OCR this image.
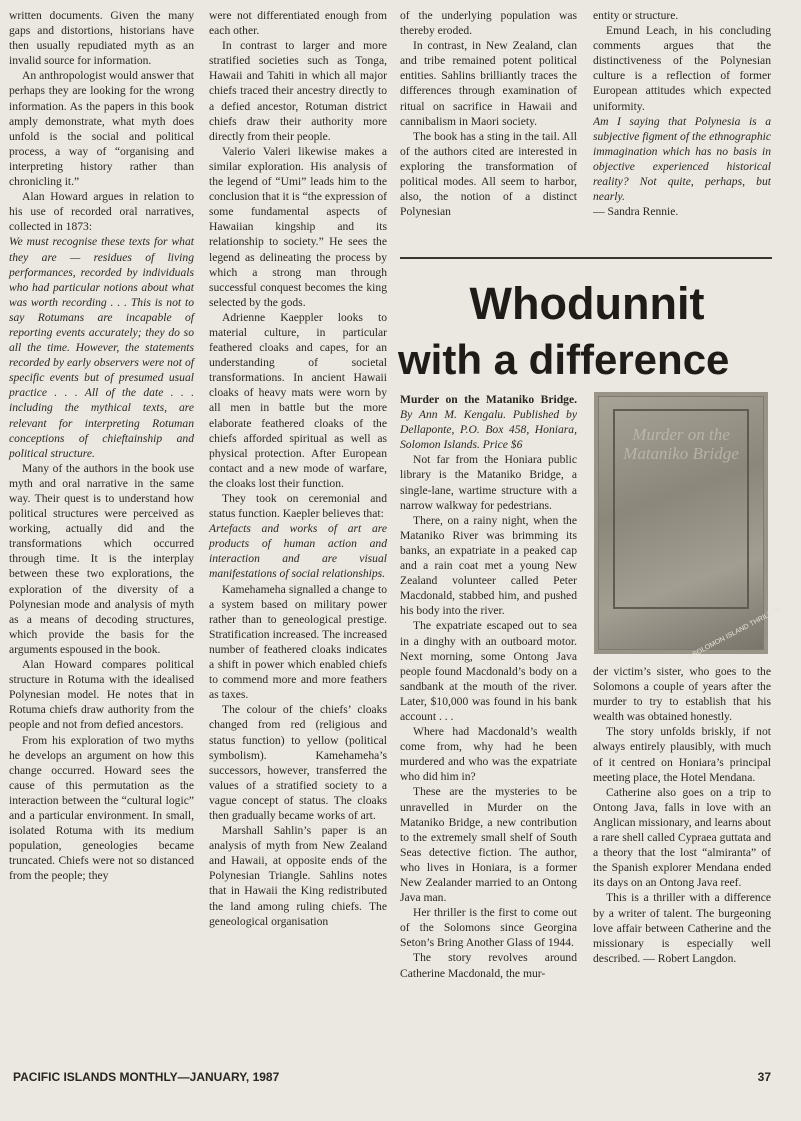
written documents. Given the many gaps and distortions, historians have then usually repudiated myth as an invalid source for information.

An anthropologist would answer that perhaps they are looking for the wrong information. As the papers in this book amply demonstrate, what myth does unfold is the social and political process, a way of “organising and interpreting history rather than chronicling it.”

Alan Howard argues in relation to his use of recorded oral narratives, collected in 1873:

We must recognise these texts for what they are — residues of living performances, recorded by individuals who had particular notions about what was worth recording . . . This is not to say Rotumans are incapable of reporting events accurately; they do so all the time. However, the statements recorded by early observers were not of specific events but of presumed usual practice . . . All of the date . . . including the mythical texts, are relevant for interpreting Rotuman conceptions of chieftainship and political structure.

Many of the authors in the book use myth and oral narrative in the same way. Their quest is to understand how political structures were perceived as working, actually did and the transformations which occurred through time. It is the interplay between these two explorations, the exploration of the diversity of a Polynesian mode and analysis of myth as a means of decoding structures, which provide the basis for the arguments espoused in the book.

Alan Howard compares political structure in Rotuma with the idealised Polynesian model. He notes that in Rotuma chiefs draw authority from the people and not from defied ancestors.

From his exploration of two myths he develops an argument on how this change occurred. Howard sees the cause of this permutation as the interaction between the “cultural logic” and a particular environment. In small, isolated Rotuma with its medium population, geneologies became truncated. Chiefs were not so distanced from the people; they

were not differentiated enough from each other.

In contrast to larger and more stratified societies such as Tonga, Hawaii and Tahiti in which all major chiefs traced their ancestry directly to a defied ancestor, Rotuman district chiefs draw their authority more directly from their people.

Valerio Valeri likewise makes a similar exploration. His analysis of the legend of “Umi” leads him to the conclusion that it is “the expression of some fundamental aspects of Hawaiian kingship and its relationship to society.” He sees the legend as delineating the process by which a strong man through successful conquest becomes the king selected by the gods.

Adrienne Kaeppler looks to material culture, in particular feathered cloaks and capes, for an understanding of societal transformations. In ancient Hawaii cloaks of heavy mats were worn by all men in battle but the more elaborate feathered cloaks of the chiefs afforded spiritual as well as physical protection. After European contact and a new mode of warfare, the cloaks lost their function.

They took on ceremonial and status function. Kaepler believes that:

Artefacts and works of art are products of human action and interaction and are visual manifestations of social relationships.

Kamehameha signalled a change to a system based on military power rather than to geneological prestige. Stratification increased. The increased number of feathered cloaks indicates a shift in power which enabled chiefs to commend more and more feathers as taxes.

The colour of the chiefs’ cloaks changed from red (religious and status function) to yellow (political symbolism). Kamehameha’s successors, however, transferred the values of a stratified society to a vague concept of status. The cloaks then gradually became works of art.

Marshall Sahlin’s paper is an analysis of myth from New Zealand and Hawaii, at opposite ends of the Polynesian Triangle. Sahlins notes that in Hawaii the King redistributed the land among ruling chiefs. The geneological organisation

of the underlying population was thereby eroded.

In contrast, in New Zealand, clan and tribe remained potent political entities. Sahlins brilliantly traces the differences through examination of ritual on sacrifice in Hawaii and cannibalism in Maori society.

The book has a sting in the tail. All of the authors cited are interested in exploring the transformation of political modes. All seem to harbor, also, the notion of a distinct Polynesian

entity or structure.

Emund Leach, in his concluding comments argues that the distinctiveness of the Polynesian culture is a reflection of former European attitudes which expected uniformity.

Am I saying that Polynesia is a subjective figment of the ethnographic immagination which has no basis in objective experienced historical reality? Not quite, perhaps, but nearly.

— Sandra Rennie.

Whodunnit
with a difference

Murder on the Mataniko Bridge. By Ann M. Kengalu. Published by Dellaponte, P.O. Box 458, Honiara, Solomon Islands. Price $6

Not far from the Honiara public library is the Mataniko Bridge, a single-lane, wartime structure with a narrow walkway for pedestrians.

There, on a rainy night, when the Mataniko River was brimming its banks, an expatriate in a peaked cap and a rain coat met a young New Zealand volunteer called Peter Macdonald, stabbed him, and pushed his body into the river.

The expatriate escaped out to sea in a dinghy with an outboard motor. Next morning, some Ontong Java people found Macdonald’s body on a sandbank at the mouth of the river. Later, $10,000 was found in his bank account . . .

Where had Macdonald’s wealth come from, why had he been murdered and who was the expatriate who did him in?

These are the mysteries to be unravelled in Murder on the Mataniko Bridge, a new contribution to the extremely small shelf of South Seas detective fiction. The author, who lives in Honiara, is a former New Zealander married to an Ontong Java man.

Her thriller is the first to come out of the Solomons since Georgina Seton’s Bring Another Glass of 1944.

The story revolves around Catherine Macdonald, the mur-

Murder on the Mataniko Bridge
A SOLOMON ISLAND THRILLER

der victim’s sister, who goes to the Solomons a couple of years after the murder to try to establish that his wealth was obtained honestly.

The story unfolds briskly, if not always entirely plausibly, with much of it centred on Honiara’s principal meeting place, the Hotel Mendana.

Catherine also goes on a trip to Ontong Java, falls in love with an Anglican missionary, and learns about a rare shell called Cypraea guttata and a theory that the lost “almiranta” of the Spanish explorer Mendana ended its days on an Ontong Java reef.

This is a thriller with a difference by a writer of talent. The burgeoning love affair between Catherine and the missionary is especially well described. — Robert Langdon.

PACIFIC ISLANDS MONTHLY—JANUARY, 1987	37
